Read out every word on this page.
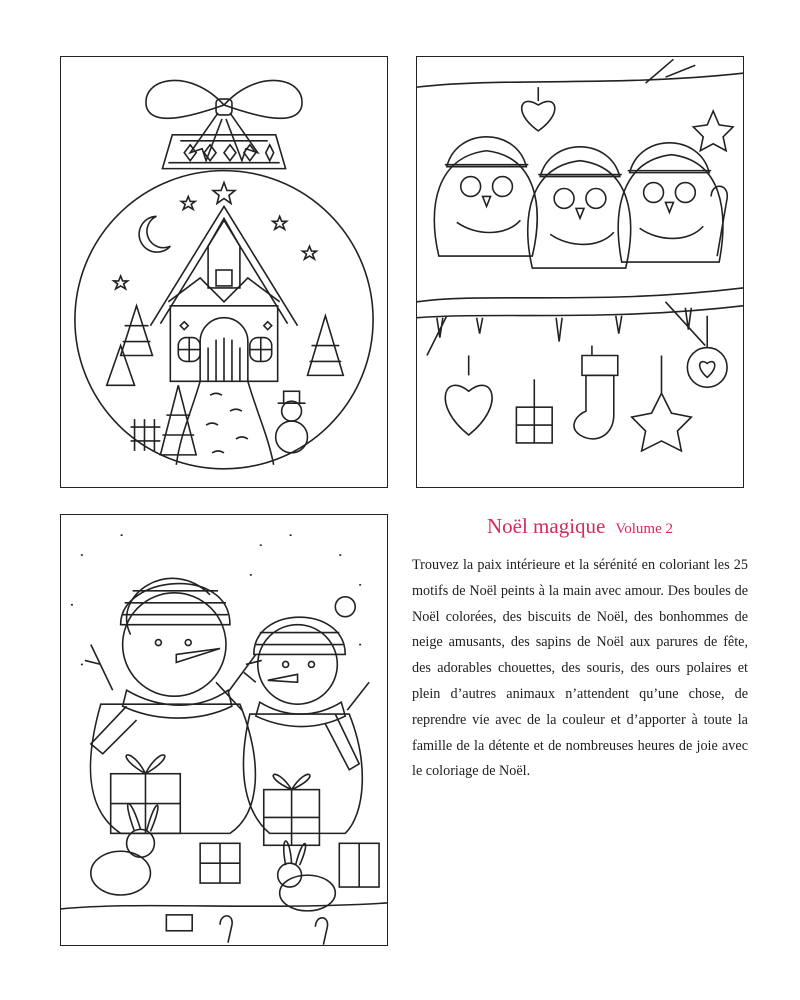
Noël magique Volume 2

Trouvez la paix intérieure et la sérénité en coloriant les 25 motifs de Noël peints à la main avec amour. Des boules de Noël colorées, des biscuits de Noël, des bonhommes de neige amusants, des sapins de Noël aux parures de fête, des adorables chouettes, des souris, des ours polaires et plein d’autres animaux n’attendent qu’une chose, de reprendre vie avec de la couleur et d’apporter à toute la famille de la détente et de nombreuses heures de joie avec le coloriage de Noël.
